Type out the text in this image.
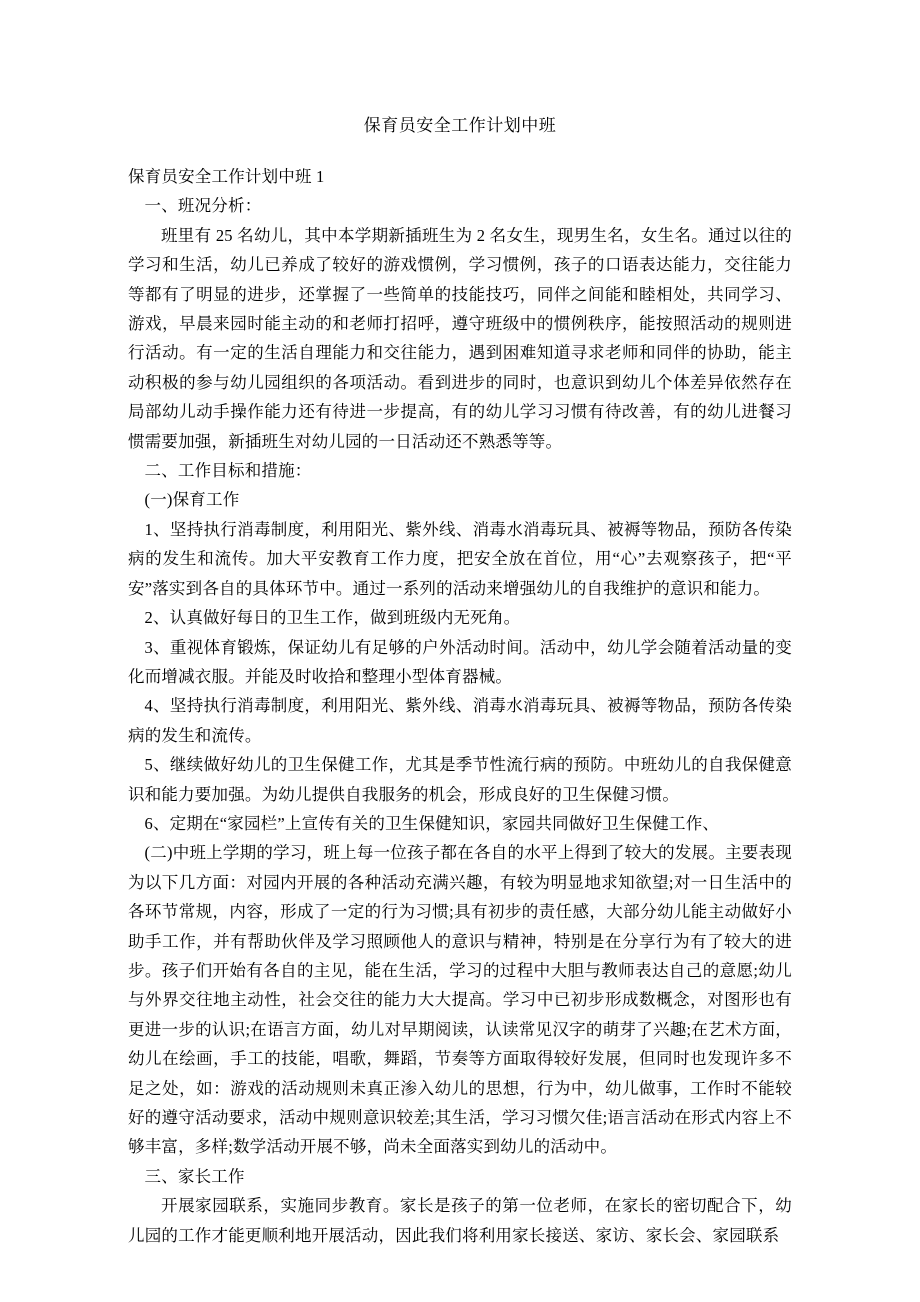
保育员安全工作计划中班

保育员安全工作计划中班 1

一、班况分析：

班里有 25 名幼儿，其中本学期新插班生为 2 名女生，现男生名，女生名。通过以往的学习和生活，幼儿已养成了较好的游戏惯例，学习惯例，孩子的口语表达能力，交往能力等都有了明显的进步，还掌握了一些简单的技能技巧，同伴之间能和睦相处，共同学习、游戏，早晨来园时能主动的和老师打招呼，遵守班级中的惯例秩序，能按照活动的规则进行活动。有一定的生活自理能力和交往能力，遇到困难知道寻求老师和同伴的协助，能主动积极的参与幼儿园组织的各项活动。看到进步的同时，也意识到幼儿个体差异依然存在局部幼儿动手操作能力还有待进一步提高，有的幼儿学习习惯有待改善，有的幼儿进餐习惯需要加强，新插班生对幼儿园的一日活动还不熟悉等等。

二、工作目标和措施：

(一)保育工作

1、坚持执行消毒制度，利用阳光、紫外线、消毒水消毒玩具、被褥等物品，预防各传染病的发生和流传。加大平安教育工作力度，把安全放在首位，用“心”去观察孩子，把“平安”落实到各自的具体环节中。通过一系列的活动来增强幼儿的自我维护的意识和能力。

2、认真做好每日的卫生工作，做到班级内无死角。

3、重视体育锻炼，保证幼儿有足够的户外活动时间。活动中，幼儿学会随着活动量的变化而增减衣服。并能及时收拾和整理小型体育器械。

4、坚持执行消毒制度，利用阳光、紫外线、消毒水消毒玩具、被褥等物品，预防各传染病的发生和流传。

5、继续做好幼儿的卫生保健工作，尤其是季节性流行病的预防。中班幼儿的自我保健意识和能力要加强。为幼儿提供自我服务的机会，形成良好的卫生保健习惯。

6、定期在“家园栏”上宣传有关的卫生保健知识，家园共同做好卫生保健工作、

(二)中班上学期的学习，班上每一位孩子都在各自的水平上得到了较大的发展。主要表现为以下几方面：对园内开展的各种活动充满兴趣，有较为明显地求知欲望;对一日生活中的各环节常规，内容，形成了一定的行为习惯;具有初步的责任感，大部分幼儿能主动做好小助手工作，并有帮助伙伴及学习照顾他人的意识与精神，特别是在分享行为有了较大的进步。孩子们开始有各自的主见，能在生活，学习的过程中大胆与教师表达自己的意愿;幼儿与外界交往地主动性，社会交往的能力大大提高。学习中已初步形成数概念，对图形也有更进一步的认识;在语言方面，幼儿对早期阅读，认读常见汉字的萌芽了兴趣;在艺术方面，幼儿在绘画，手工的技能，唱歌，舞蹈，节奏等方面取得较好发展，但同时也发现许多不足之处，如：游戏的活动规则未真正渗入幼儿的思想，行为中，幼儿做事，工作时不能较好的遵守活动要求，活动中规则意识较差;其生活，学习习惯欠佳;语言活动在形式内容上不够丰富，多样;数学活动开展不够，尚未全面落实到幼儿的活动中。

三、家长工作

开展家园联系，实施同步教育。家长是孩子的第一位老师，在家长的密切配合下，幼儿园的工作才能更顺利地开展活动，因此我们将利用家长接送、家访、家长会、家园联系
